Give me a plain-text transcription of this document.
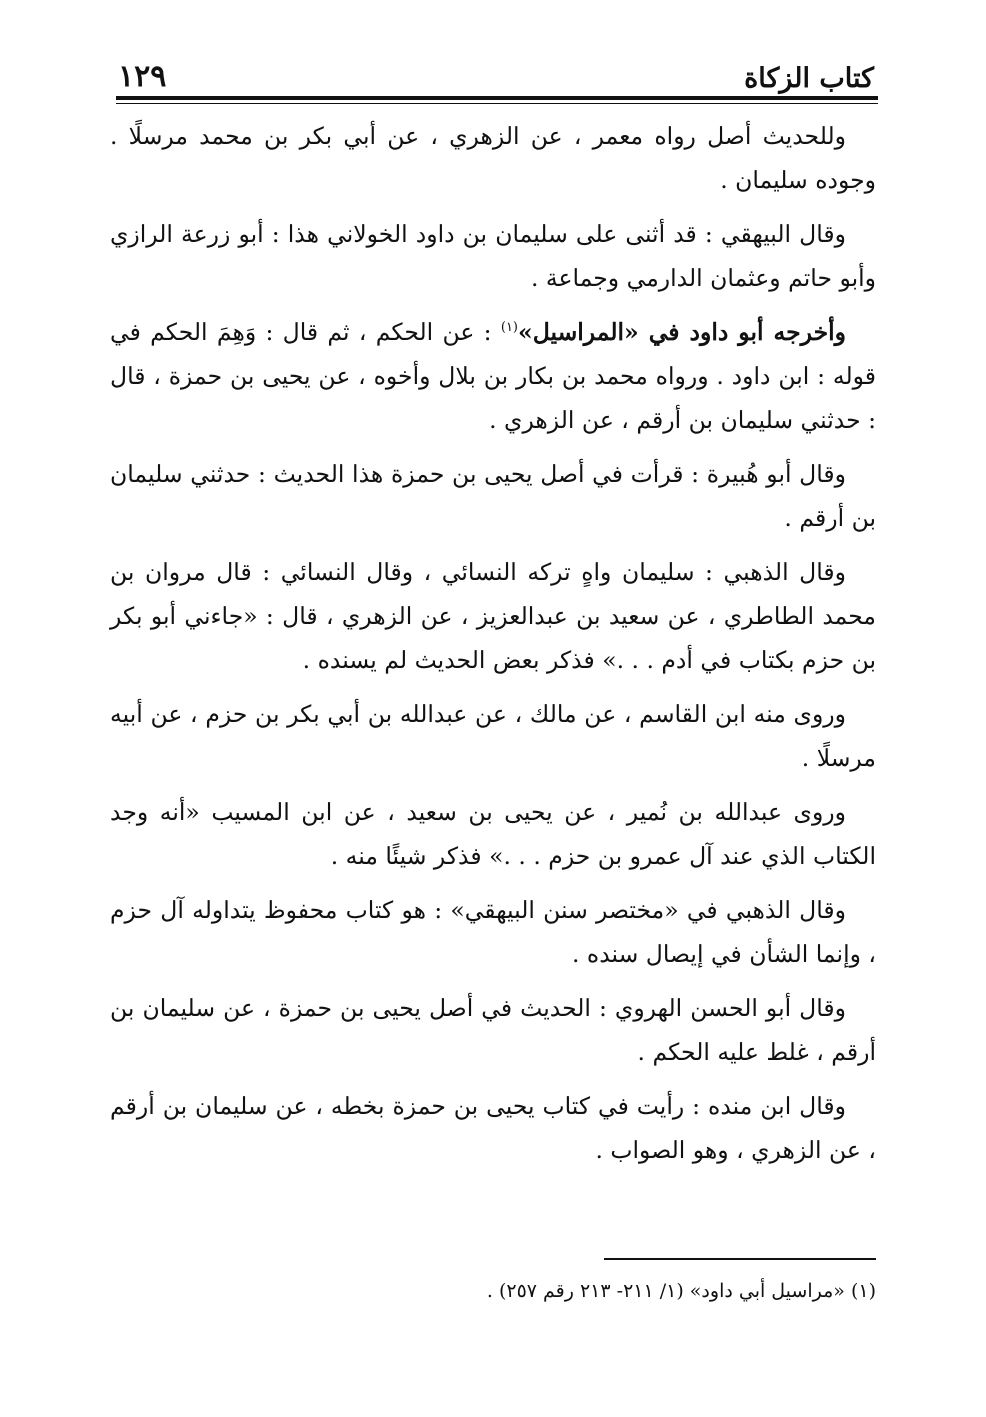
كتاب الزكاة
١٢٩

وللحديث أصل رواه معمر ، عن الزهري ، عن أبي بكر بن محمد مرسلًا . وجوده سليمان .

وقال البيهقي : قد أثنى على سليمان بن داود الخولاني هذا : أبو زرعة الرازي وأبو حاتم وعثمان الدارمي وجماعة .

وأخرجه أبو داود في «المراسيل»$^{(١)}$ : عن الحكم ، ثم قال : وَهِمَ الحكم في قوله : ابن داود . ورواه محمد بن بكار بن بلال وأخوه ، عن يحيى بن حمزة ، قال : حدثني سليمان بن أرقم ، عن الزهري .

وقال أبو هُبيرة : قرأت في أصل يحيى بن حمزة هذا الحديث : حدثني سليمان بن أرقم .

وقال الذهبي : سليمان واهٍ تركه النسائي ، وقال النسائي : قال مروان بن محمد الطاطري ، عن سعيد بن عبدالعزيز ، عن الزهري ، قال : «جاءني أبو بكر بن حزم بكتاب في أدم . . .» فذكر بعض الحديث لم يسنده .

وروى منه ابن القاسم ، عن مالك ، عن عبدالله بن أبي بكر بن حزم ، عن أبيه مرسلًا .

وروى عبدالله بن نُمير ، عن يحيى بن سعيد ، عن ابن المسيب «أنه وجد الكتاب الذي عند آل عمرو بن حزم . . .» فذكر شيئًا منه .

وقال الذهبي في «مختصر سنن البيهقي» : هو كتاب محفوظ يتداوله آل حزم ، وإنما الشأن في إيصال سنده .

وقال أبو الحسن الهروي : الحديث في أصل يحيى بن حمزة ، عن سليمان بن أرقم ، غلط عليه الحكم .

وقال ابن منده : رأيت في كتاب يحيى بن حمزة بخطه ، عن سليمان بن أرقم ، عن الزهري ، وهو الصواب .

(١) «مراسيل أبي داود» (١/ ٢١١- ٢١٣ رقم ٢٥٧) .
